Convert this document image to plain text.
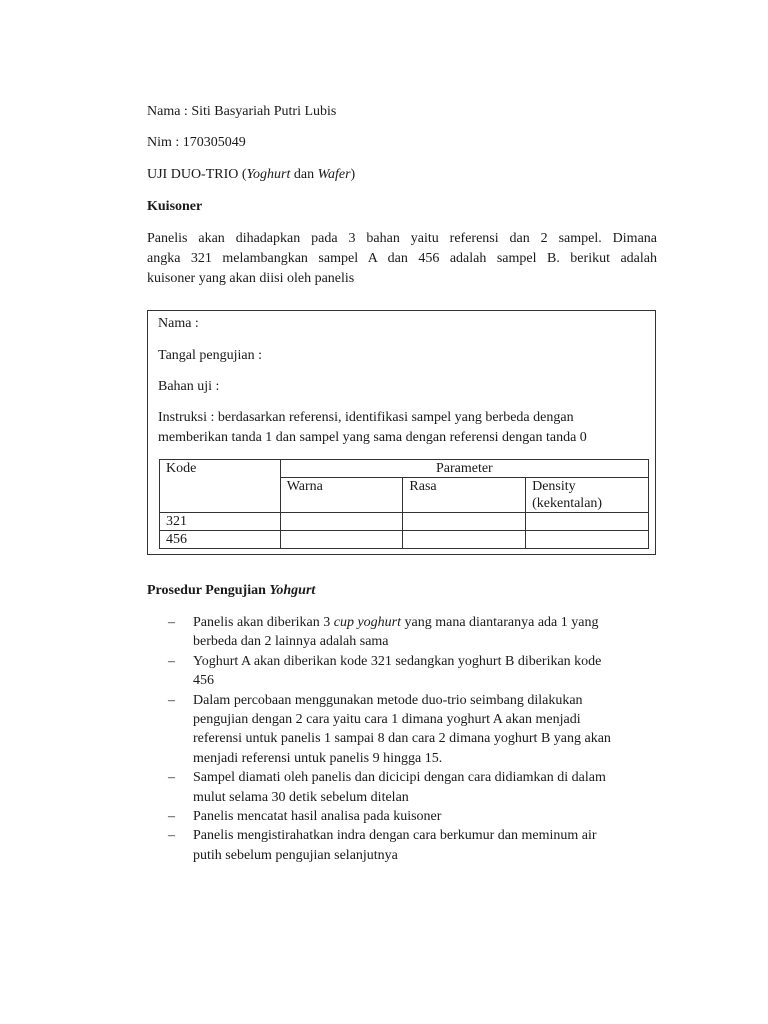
Nama : Siti Basyariah Putri Lubis
Nim : 170305049
UJI DUO-TRIO (Yoghurt dan Wafer)
Kuisoner
Panelis akan dihadapkan pada 3 bahan yaitu referensi dan 2 sampel. Dimana
angka 321 melambangkan sampel A dan 456 adalah sampel B. berikut adalah
kuisoner yang akan diisi oleh panelis
Nama :
Tangal pengujian :
Bahan uji :
Instruksi : berdasarkan referensi, identifikasi sampel yang berbeda dengan
memberikan tanda 1 dan sampel yang sama dengan referensi dengan tanda 0
Kode	Parameter		
	Warna	Rasa	Density
(kekentalan)
321			
456			
Prosedur Pengujian Yohgurt
– Panelis akan diberikan 3 cup yoghurt yang mana diantaranya ada 1 yang
berbeda dan 2 lainnya adalah sama
– Yoghurt A akan diberikan kode 321 sedangkan yoghurt B diberikan kode
456
– Dalam percobaan menggunakan metode duo-trio seimbang dilakukan
pengujian dengan 2 cara yaitu cara 1 dimana yoghurt A akan menjadi
referensi untuk panelis 1 sampai 8 dan cara 2 dimana yoghurt B yang akan
menjadi referensi untuk panelis 9 hingga 15.
– Sampel diamati oleh panelis dan dicicipi dengan cara didiamkan di dalam
mulut selama 30 detik sebelum ditelan
– Panelis mencatat hasil analisa pada kuisoner
– Panelis mengistirahatkan indra dengan cara berkumur dan meminum air
putih sebelum pengujian selanjutnya
